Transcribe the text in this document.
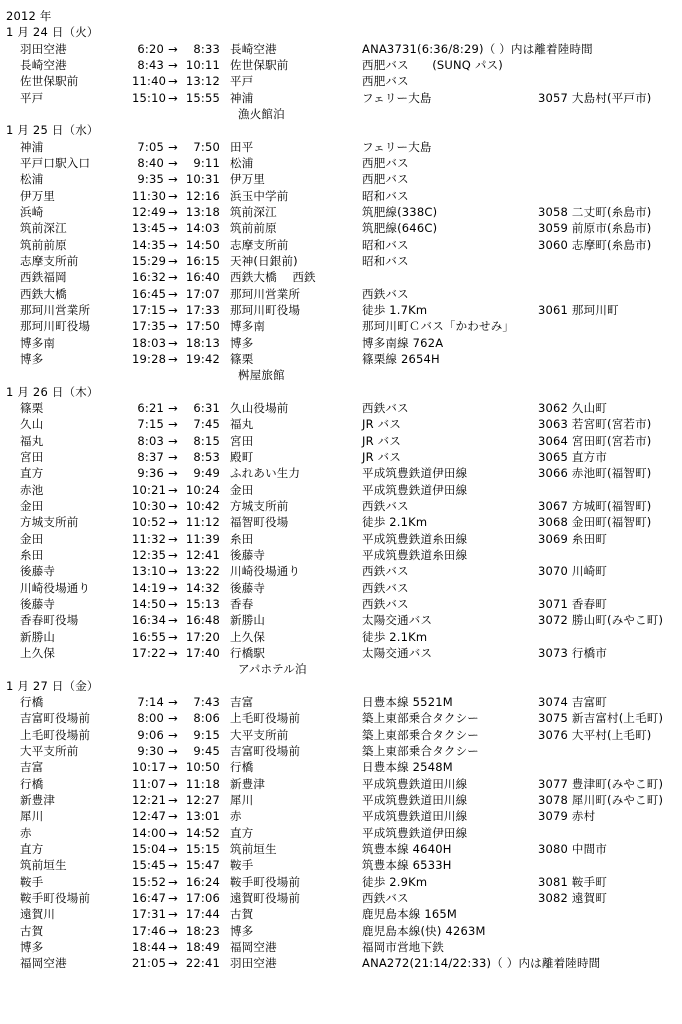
2012 年
1 月 24 日（火）
羽田空港	6:20 →	8:33 長崎空港	ANA3731(6:36/8:29)（ ）内は離着陸時間
長崎空港	8:43 → 10:11 佐世保駅前	西肥バス　　(SUNQ パス)
佐世保駅前	11:40 → 13:12 平戸	西肥バス
平戸	15:10 → 15:55 神浦	フェリー大島	3057 大島村(平戸市)
漁火館泊
1 月 25 日（水）
神浦	7:05 →	7:50 田平	フェリー大島
平戸口駅入口	8:40 →	9:11 松浦	西肥バス
松浦	9:35 → 10:31 伊万里	西肥バス
伊万里	11:30 → 12:16 浜玉中学前	昭和バス
浜崎	12:49 → 13:18 筑前深江	筑肥線(338C)	3058 二丈町(糸島市)
筑前深江	13:45 → 14:03 筑前前原	筑肥線(646C)	3059 前原市(糸島市)
筑前前原	14:35 → 14:50 志摩支所前	昭和バス	3060 志摩町(糸島市)
志摩支所前	15:29 → 16:15 天神(日銀前)	昭和バス
西鉄福岡	16:32 → 16:40 西鉄大橋　 西鉄
西鉄大橋	16:45 → 17:07 那珂川営業所	西鉄バス
那珂川営業所	17:15 → 17:33 那珂川町役場	徒歩 1.7Km	3061 那珂川町
那珂川町役場	17:35 → 17:50 博多南	那珂川町Ｃバス「かわせみ」
博多南	18:03 → 18:13 博多	博多南線 762A
博多	19:28 → 19:42 篠栗	篠栗線 2654H
桝屋旅館
1 月 26 日（木）
篠栗	6:21 →	6:31 久山役場前	西鉄バス	3062 久山町
久山	7:15 →	7:45 福丸	JR バス	3063 若宮町(宮若市)
福丸	8:03 →	8:15 宮田	JR バス	3064 宮田町(宮若市)
宮田	8:37 →	8:53 殿町	JR バス	3065 直方市
直方	9:36 →	9:49 ふれあい生力	平成筑豊鉄道伊田線	3066 赤池町(福智町)
赤池	10:21 → 10:24 金田	平成筑豊鉄道伊田線
金田	10:30 → 10:42 方城支所前	西鉄バス	3067 方城町(福智町)
方城支所前	10:52 → 11:12 福智町役場	徒歩 2.1Km	3068 金田町(福智町)
金田	11:32 → 11:39 糸田	平成筑豊鉄道糸田線	3069 糸田町
糸田	12:35 → 12:41 後藤寺	平成筑豊鉄道糸田線
後藤寺	13:10 → 13:22 川崎役場通り	西鉄バス	3070 川崎町
川崎役場通り	14:19 → 14:32 後藤寺	西鉄バス
後藤寺	14:50 → 15:13 香春	西鉄バス	3071 香春町
香春町役場	16:34 → 16:48 新勝山	太陽交通バス	3072 勝山町(みやこ町)
新勝山	16:55 → 17:20 上久保	徒歩 2.1Km
上久保	17:22 → 17:40 行橋駅	太陽交通バス	3073 行橋市
アパホテル泊
1 月 27 日（金）
行橋	7:14 →	7:43 吉富	日豊本線 5521M	3074 吉富町
吉富町役場前	8:00 →	8:06 上毛町役場前	築上東部乗合タクシー	3075 新吉富村(上毛町)
上毛町役場前	9:06 →	9:15 大平支所前	築上東部乗合タクシー	3076 大平村(上毛町)
大平支所前	9:30 →	9:45 吉富町役場前	築上東部乗合タクシー
吉富	10:17 → 10:50 行橋	日豊本線 2548M
行橋	11:07 → 11:18 新豊津	平成筑豊鉄道田川線	3077 豊津町(みやこ町)
新豊津	12:21 → 12:27 犀川	平成筑豊鉄道田川線	3078 犀川町(みやこ町)
犀川	12:47 → 13:01 赤	平成筑豊鉄道田川線	3079 赤村
赤	14:00 → 14:52 直方	平成筑豊鉄道伊田線
直方	15:04 → 15:15 筑前垣生	筑豊本線 4640H	3080 中間市
筑前垣生	15:45 → 15:47 鞍手	筑豊本線 6533H
鞍手	15:52 → 16:24 鞍手町役場前	徒歩 2.9Km	3081 鞍手町
鞍手町役場前	16:47 → 17:06 遠賀町役場前	西鉄バス	3082 遠賀町
遠賀川	17:31 → 17:44 古賀	鹿児島本線 165M
古賀	17:46 → 18:23 博多	鹿児島本線(快) 4263M
博多	18:44 → 18:49 福岡空港	福岡市営地下鉄
福岡空港	21:05 → 22:41 羽田空港	ANA272(21:14/22:33)（ ）内は離着陸時間
